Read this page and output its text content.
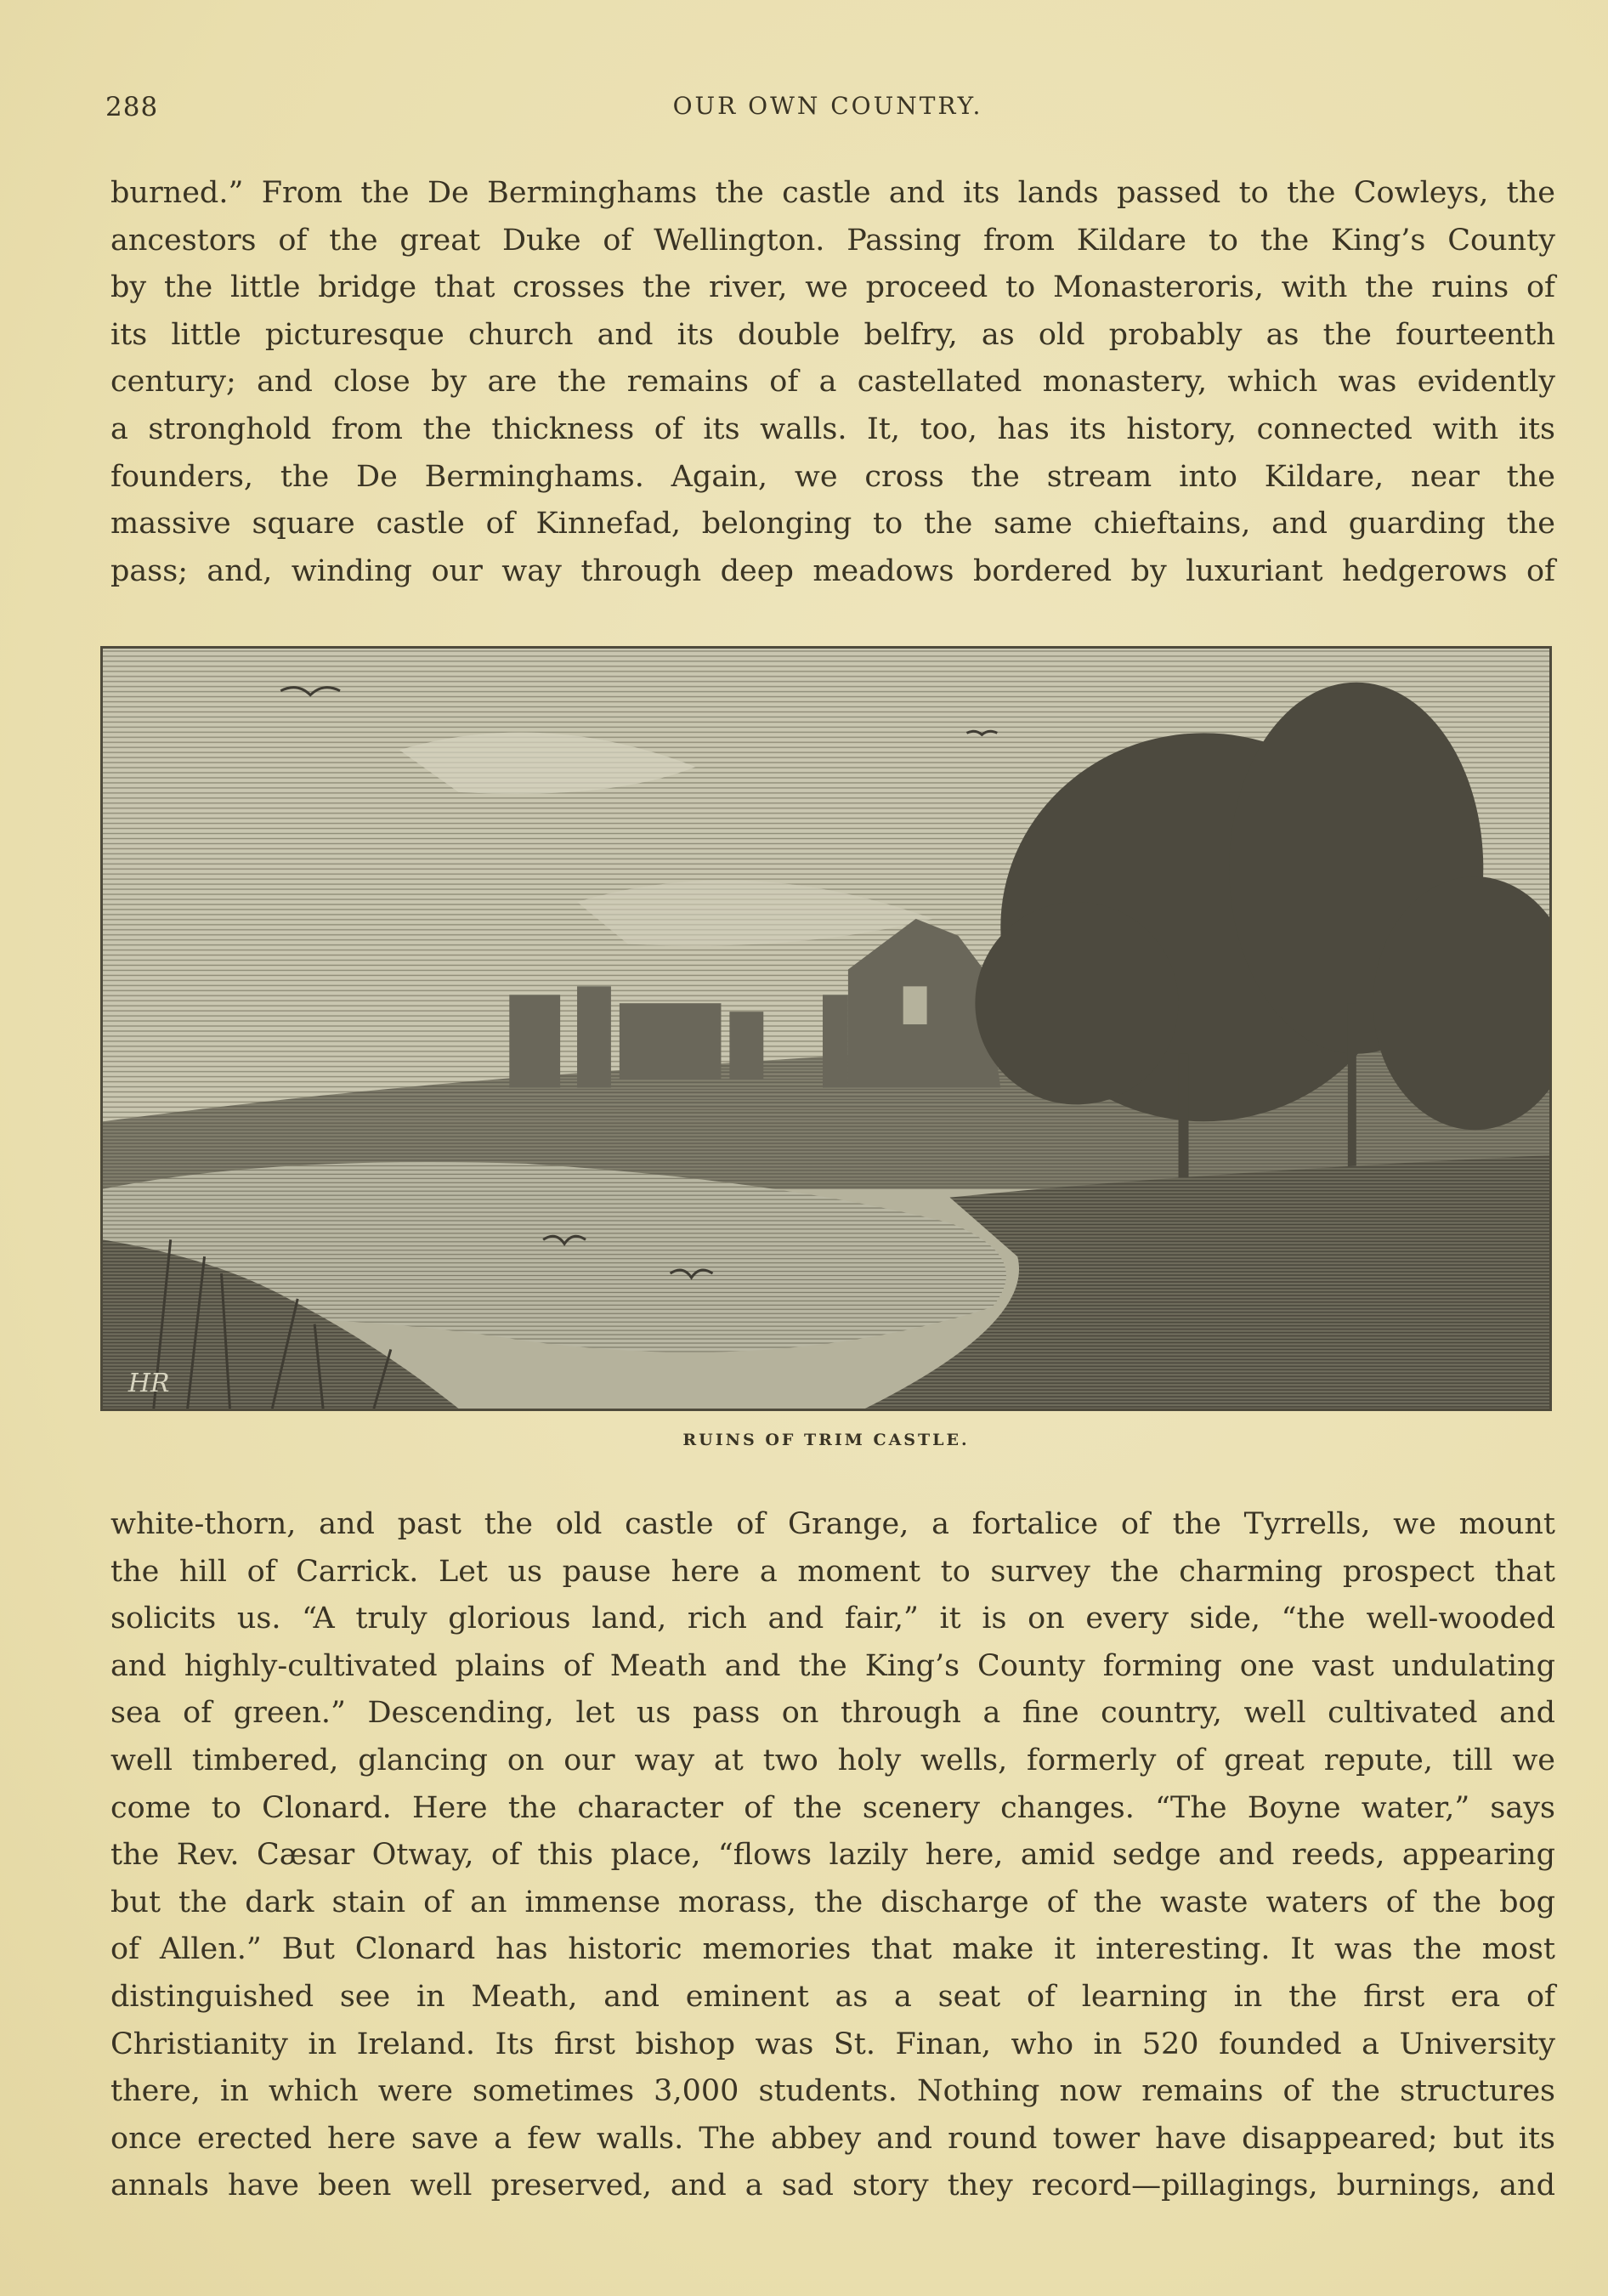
288	OUR OWN COUNTRY.
burned.” From the De Berminghams the castle and its lands passed to the Cowleys, the
ancestors of the great Duke of Wellington. Passing from Kildare to the King’s County
by the little bridge that crosses the river, we proceed to Monasteroris, with the ruins of
its little picturesque church and its double belfry, as old probably as the fourteenth
century; and close by are the remains of a castellated monastery, which was evidently
a stronghold from the thickness of its walls. It, too, has its history, connected with its
founders, the De Berminghams. Again, we cross the stream into Kildare, near the
massive square castle of Kinnefad, belonging to the same chieftains, and guarding the
pass; and, winding our way through deep meadows bordered by luxuriant hedgerows of
HR
RUINS OF TRIM CASTLE.
white-thorn, and past the old castle of Grange, a fortalice of the Tyrrells, we mount
the hill of Carrick. Let us pause here a moment to survey the charming prospect that
solicits us. “A truly glorious land, rich and fair,” it is on every side, “the well-wooded
and highly-cultivated plains of Meath and the King’s County forming one vast undulating
sea of green.” Descending, let us pass on through a fine country, well cultivated and
well timbered, glancing on our way at two holy wells, formerly of great repute, till we
come to Clonard. Here the character of the scenery changes. “The Boyne water,” says
the Rev. Cæsar Otway, of this place, “flows lazily here, amid sedge and reeds, appearing
but the dark stain of an immense morass, the discharge of the waste waters of the bog
of Allen.” But Clonard has historic memories that make it interesting. It was the most
distinguished see in Meath, and eminent as a seat of learning in the first era of
Christianity in Ireland. Its first bishop was St. Finan, who in 520 founded a University
there, in which were sometimes 3,000 students. Nothing now remains of the structures
once erected here save a few walls. The abbey and round tower have disappeared; but its
annals have been well preserved, and a sad story they record—pillagings, burnings, and
